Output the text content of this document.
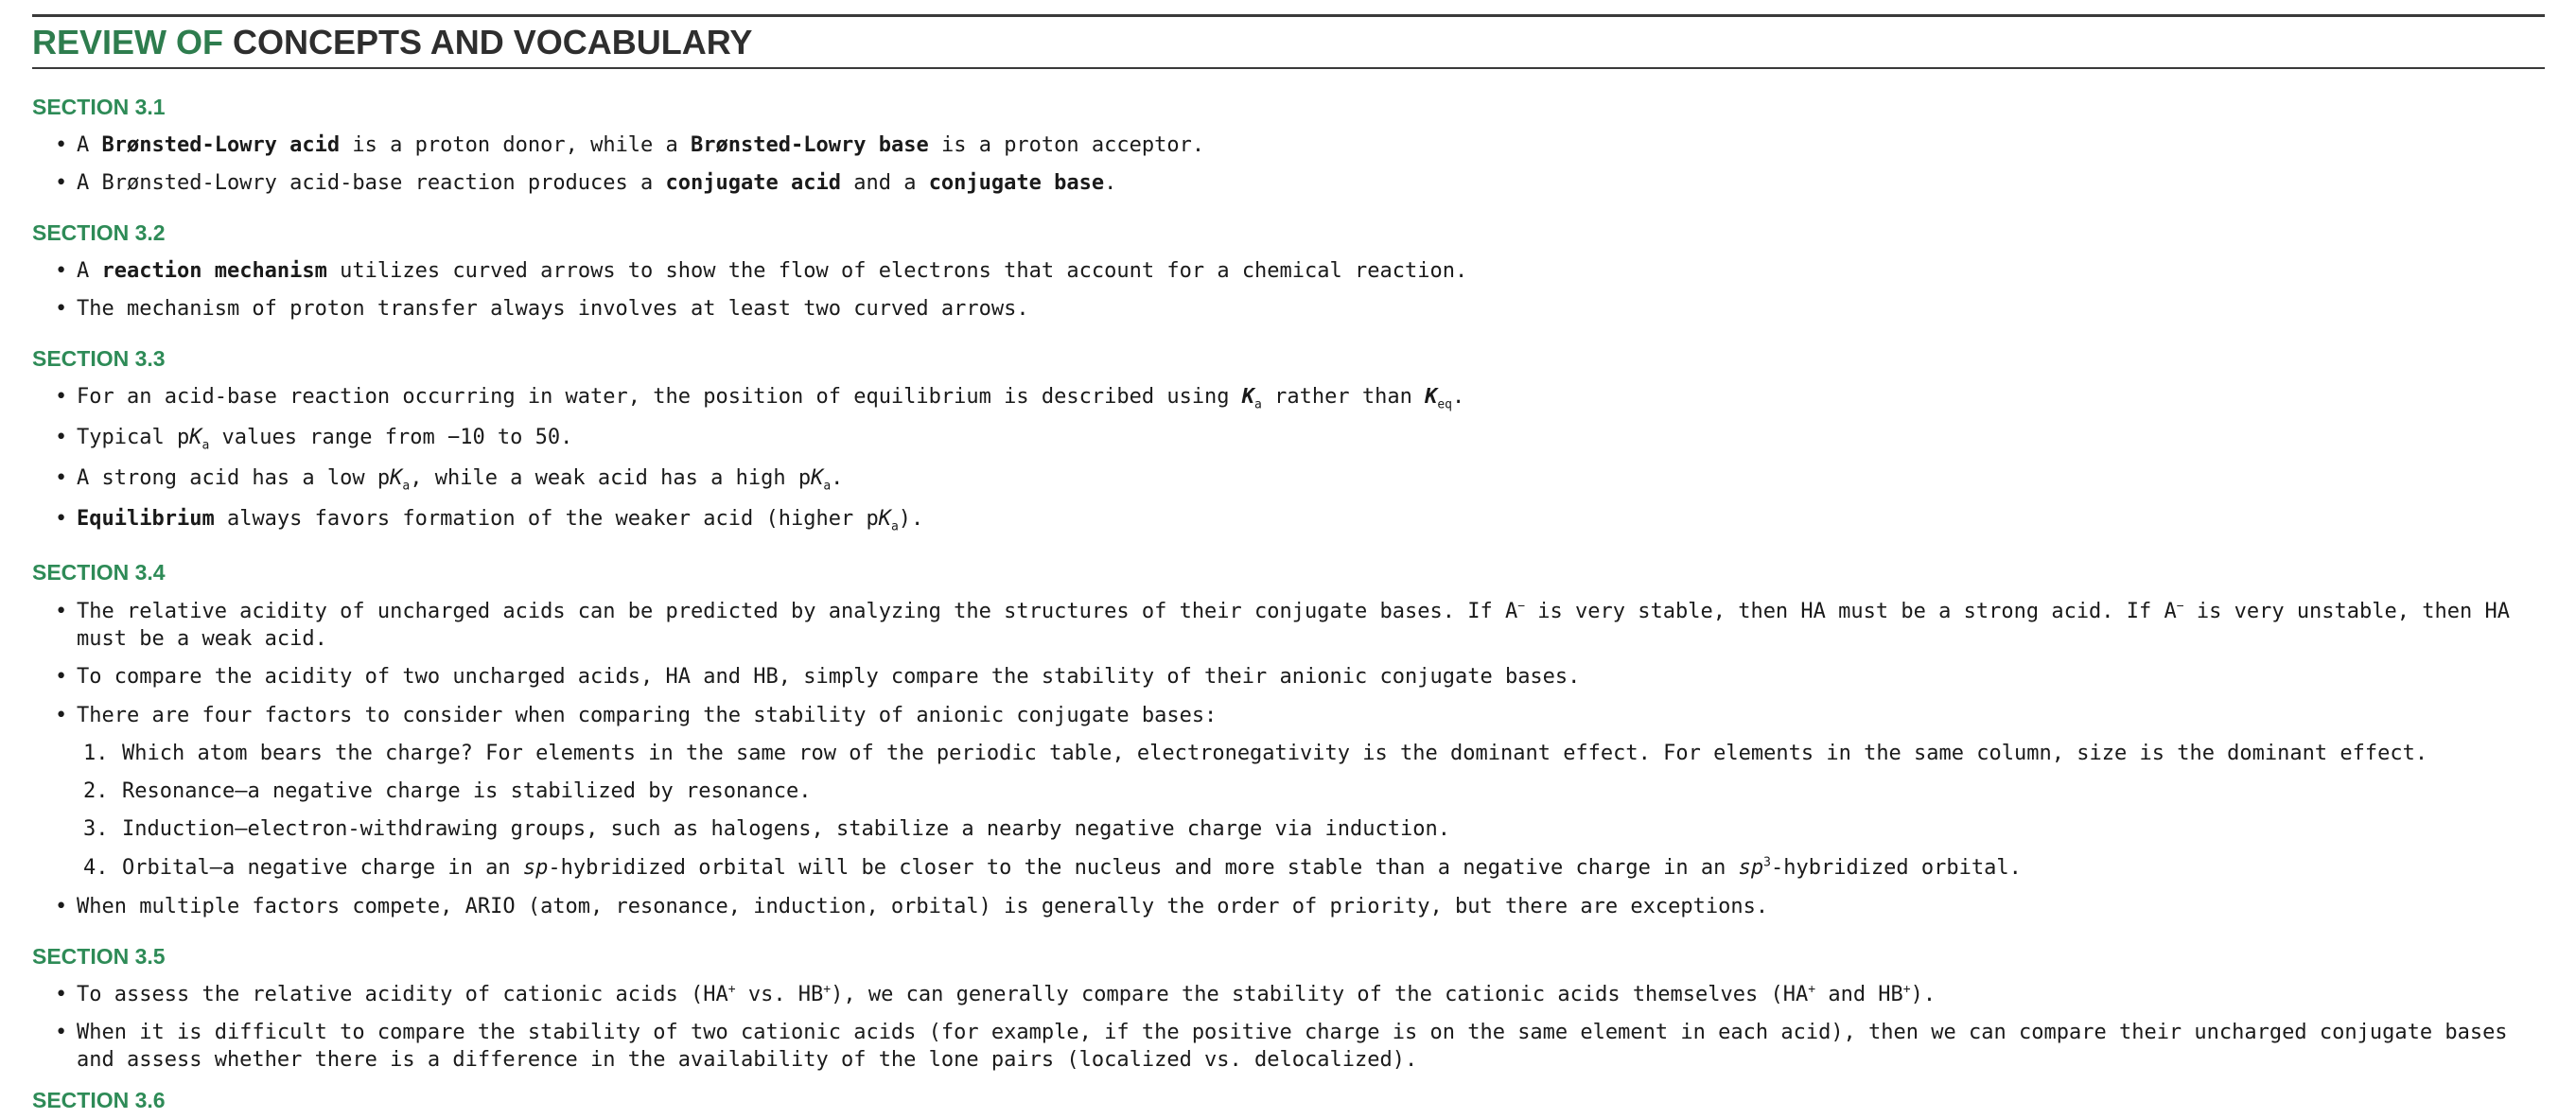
REVIEW OF CONCEPTS AND VOCABULARY
SECTION 3.1
• A Brønsted-Lowry acid is a proton donor, while a Brønsted-Lowry base is a proton acceptor.
• A Brønsted-Lowry acid-base reaction produces a conjugate acid and a conjugate base.
SECTION 3.2
• A reaction mechanism utilizes curved arrows to show the flow of electrons that account for a chemical reaction.
• The mechanism of proton transfer always involves at least two curved arrows.
SECTION 3.3
• For an acid-base reaction occurring in water, the position of equilibrium is described using $K_a$ rather than $K_{eq}$.
• Typical $pK_a$ values range from −10 to 50.
• A strong acid has a low $pK_a$, while a weak acid has a high $pK_a$.
• Equilibrium always favors formation of the weaker acid (higher $pK_a$).
SECTION 3.4
• The relative acidity of uncharged acids can be predicted by analyzing the structures of their conjugate bases. If A− is very stable, then HA must be a strong acid. If A− is very unstable, then HA must be a weak acid.
• To compare the acidity of two uncharged acids, HA and HB, simply compare the stability of their anionic conjugate bases.
• There are four factors to consider when comparing the stability of anionic conjugate bases:
1. Which atom bears the charge? For elements in the same row of the periodic table, electronegativity is the dominant effect. For elements in the same column, size is the dominant effect.
2. Resonance—a negative charge is stabilized by resonance.
3. Induction—electron-withdrawing groups, such as halogens, stabilize a nearby negative charge via induction.
4. Orbital—a negative charge in an sp-hybridized orbital will be closer to the nucleus and more stable than a negative charge in an $sp^3$-hybridized orbital.
• When multiple factors compete, ARIO (atom, resonance, induction, orbital) is generally the order of priority, but there are exceptions.
SECTION 3.5
• To assess the relative acidity of cationic acids (HA+ vs. HB+), we can generally compare the stability of the cationic acids themselves (HA+ and HB+).
• When it is difficult to compare the stability of two cationic acids (for example, if the positive charge is on the same element in each acid), then we can compare their uncharged conjugate bases and assess whether there is a difference in the availability of the lone pairs (localized vs. delocalized).
SECTION 3.6
